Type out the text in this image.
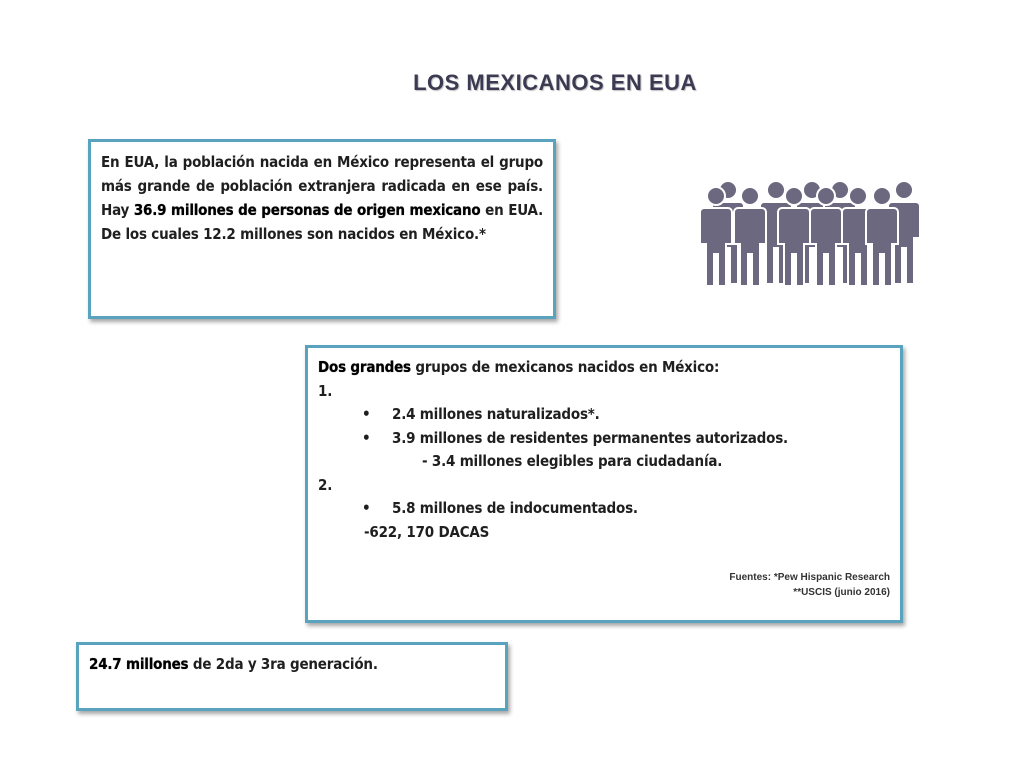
LOS MEXICANOS EN EUA

En EUA, la población nacida en México representa el grupo más grande de población extranjera radicada en ese país. Hay 36.9 millones de personas de origen mexicano en EUA. De los cuales 12.2 millones son nacidos en México.*

Dos grandes grupos de mexicanos nacidos en México:
1.
• 2.4 millones naturalizados*.
• 3.9 millones de residentes permanentes autorizados.
- 3.4 millones elegibles para ciudadanía.
2.
• 5.8 millones de indocumentados.
-622, 170 DACAS
Fuentes: *Pew Hispanic Research
**USCIS (junio 2016)
24.7 millones de 2da y 3ra generación.
